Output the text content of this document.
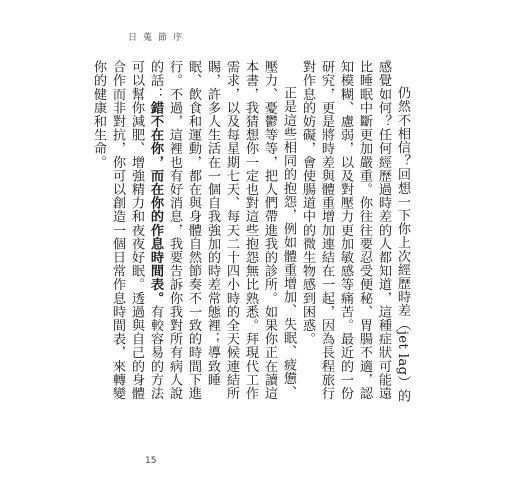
日蒐節序

仍然不相信？回想一下你上次經歷時差（jet lag）的感覺如何？任何經歷過時差的人都知道，這種症狀可能遠比睡眠中斷更加嚴重。你往往要忍受便秘、胃腸不適，認知模糊、慮弱，以及對壓力更加敏感等痛苦。最近的一份研究，更是將時差與體重增加連結在一起，因為長程旅行對作息的妨礙，會使腸道中的微生物感到困惑。

正是這些相同的抱怨，例如體重增加、失眠、疲憊、壓力、憂鬱等等，把人們帶進我的診所。如果你正在讀這本書，我猜想你一定也對這些抱怨無比熟悉。拜現代工作需求，以及每星期七天、每天二十四小時的全天候連結所賜，許多人生活在一個自我強加的時差常態裡；導致睡眠、飲食和運動，都在與身體自然節奏不一致的時間下進行。不過，這裡也有好消息，我要告訴你我對所有病人說的話：錯不在你，而在你的作息時間表。有較容易的方法可以幫你減肥、增強精力和夜夜好眠。透過與自己的身體合作而非對抗，你可以創造一個日常作息時間表，來轉變你的健康和生命。

15
